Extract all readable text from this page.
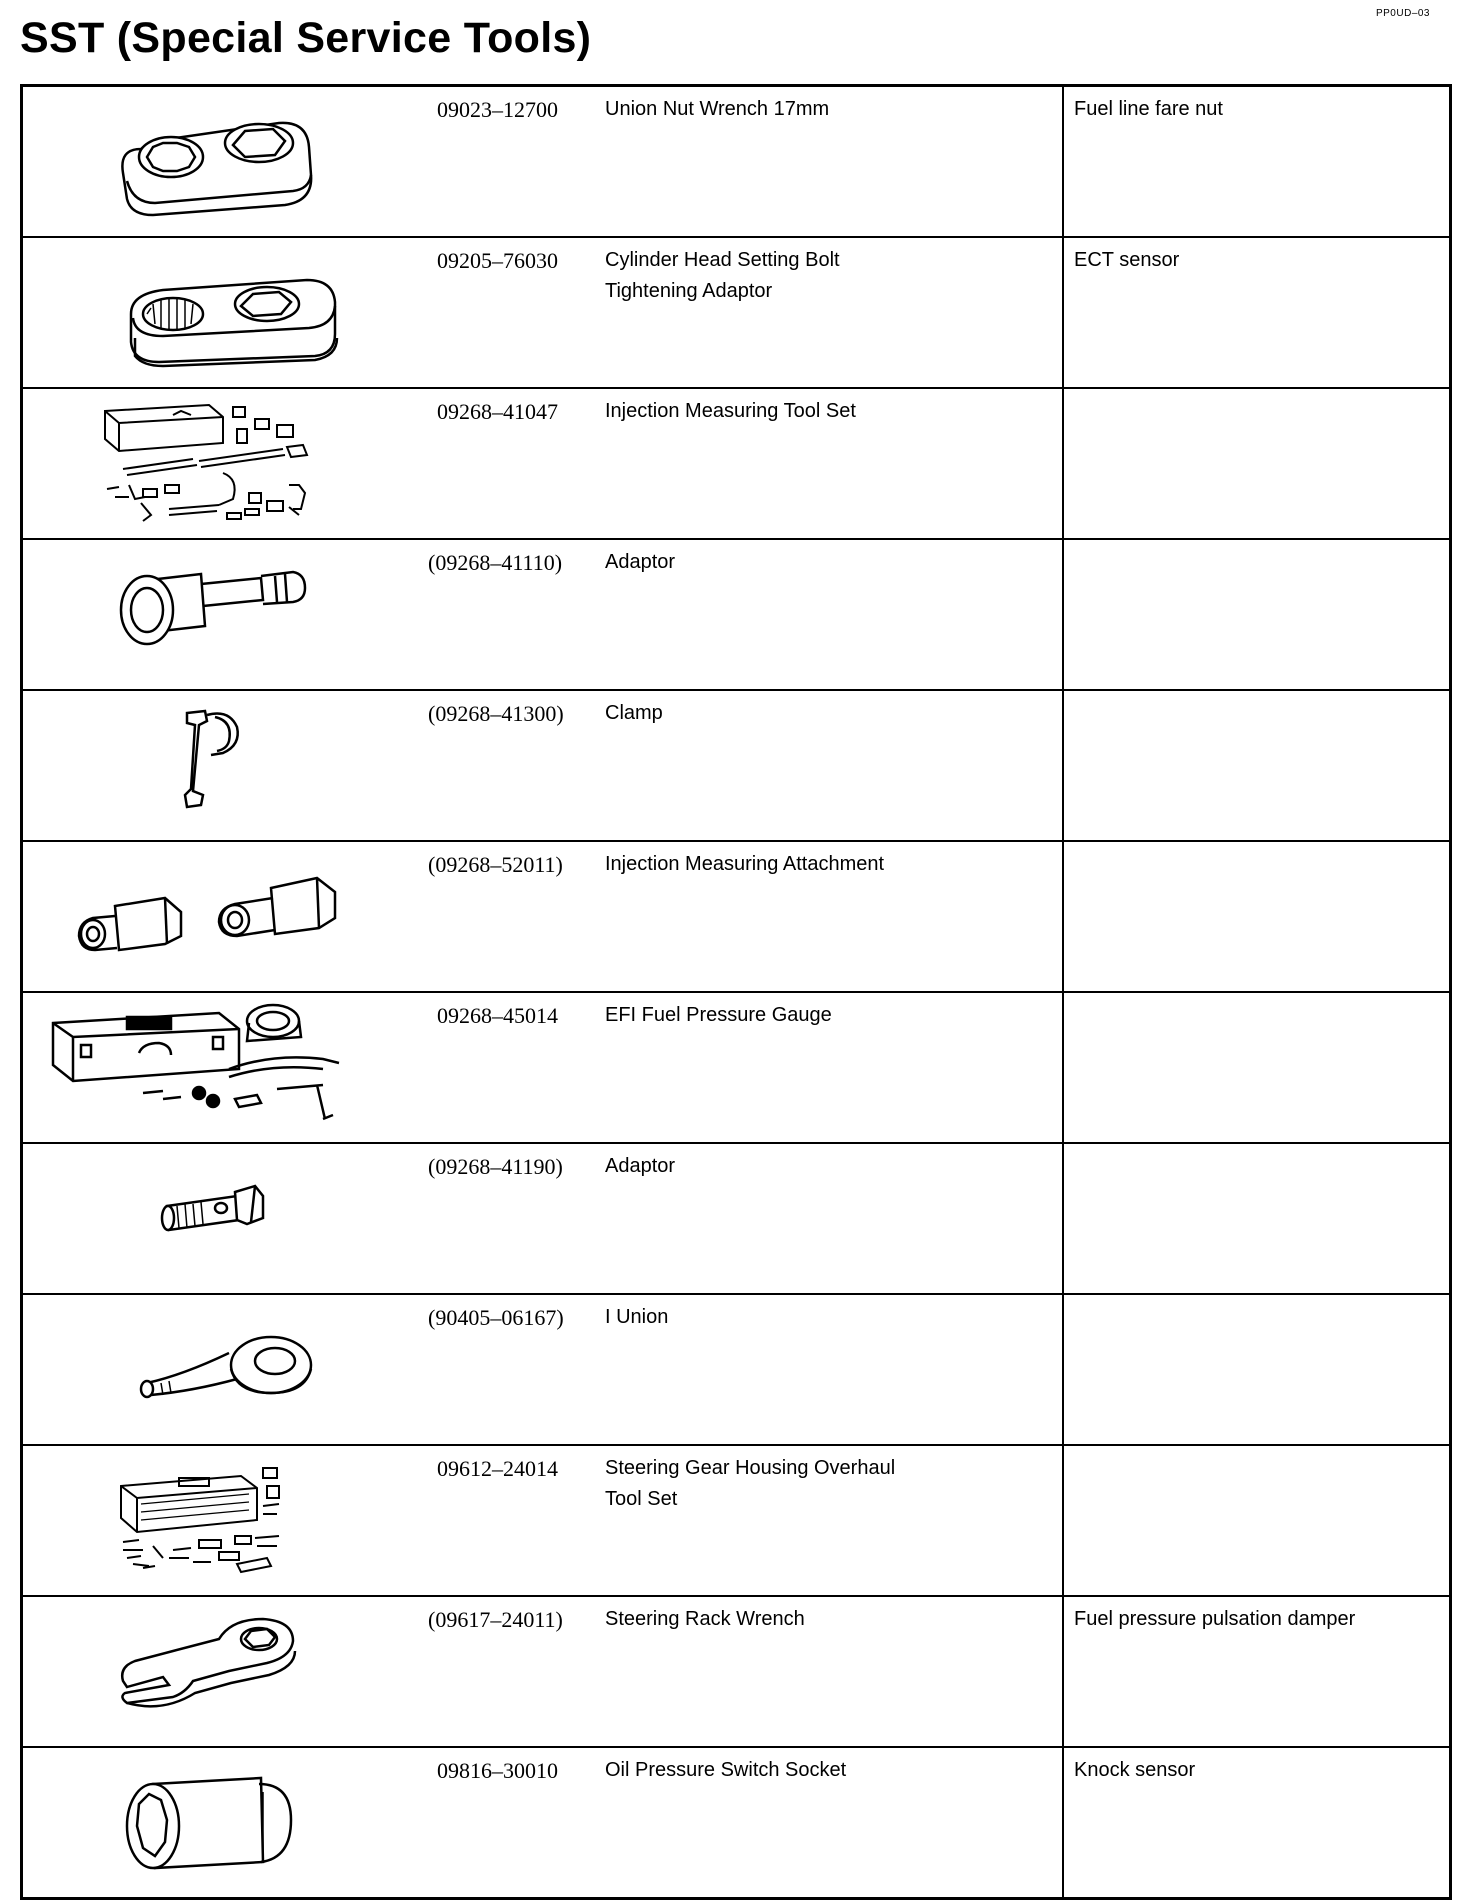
PP0UD–03
SST (Special Service Tools)

09023–12700	Union Nut Wrench 17mm	Fuel line fare nut

09205–76030	Cylinder Head Setting Bolt
Tightening Adaptor	ECT sensor

09268–41047	Injection Measuring Tool Set	

(09268–41110)	Adaptor	

(09268–41300)	Clamp	

(09268–52011)	Injection Measuring Attachment	

09268–45014	EFI Fuel Pressure Gauge	

(09268–41190)	Adaptor	

(90405–06167)	I Union	

09612–24014	Steering Gear Housing Overhaul
Tool Set	

(09617–24011)	Steering Rack Wrench	Fuel pressure pulsation damper

09816–30010	Oil Pressure Switch Socket	Knock sensor
